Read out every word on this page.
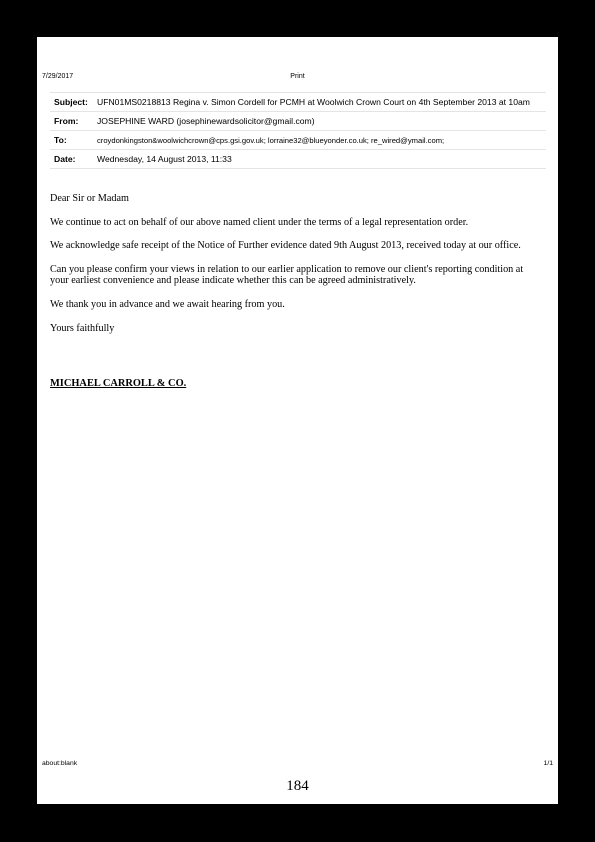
7/29/2017	Print
Subject:	UFN01MS0218813 Regina v. Simon Cordell for PCMH at Woolwich Crown Court on 4th September 2013 at 10am
From:	JOSEPHINE WARD (josephinewardsolicitor@gmail.com)
To:	croydonkingston&woolwichcrown@cps.gsi.gov.uk; lorraine32@blueyonder.co.uk; re_wired@ymail.com;
Date:	Wednesday, 14 August 2013, 11:33

Dear Sir or Madam

We continue to act on behalf of our above named client under the terms of a legal representation order.

We acknowledge safe receipt of the Notice of Further evidence dated 9th August 2013, received today at our office.

Can you please confirm your views in relation to our earlier application to remove our client's reporting condition at your earliest convenience and please indicate whether this can be agreed administratively.

We thank you in advance and we await hearing from you.

Yours faithfully

MICHAEL CARROLL & CO.
about:blank	1/1
184
